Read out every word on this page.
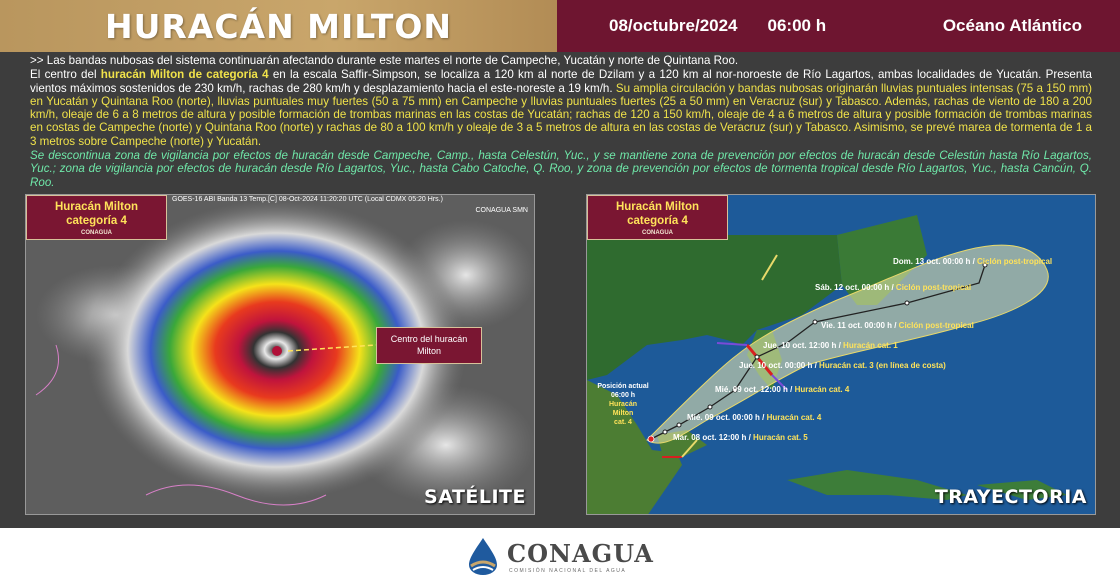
HURACÁN MILTON	08/octubre/2024 06:00 h	Océano Atlántico

>> Las bandas nubosas del sistema continuarán afectando durante este martes el norte de Campeche, Yucatán y norte de Quintana Roo.

El centro del huracán Milton de categoría 4 en la escala Saffir-Simpson, se localiza a 120 km al norte de Dzilam y a 120 km al nor-noroeste de Río Lagartos, ambas localidades de Yucatán. Presenta vientos máximos sostenidos de 230 km/h, rachas de 280 km/h y desplazamiento hacia el este-noreste a 19 km/h. Su amplia circulación y bandas nubosas originarán lluvias puntuales intensas (75 a 150 mm) en Yucatán y Quintana Roo (norte), lluvias puntuales muy fuertes (50 a 75 mm) en Campeche y lluvias puntuales fuertes (25 a 50 mm) en Veracruz (sur) y Tabasco. Además, rachas de viento de 180 a 200 km/h, oleaje de 6 a 8 metros de altura y posible formación de trombas marinas en las costas de Yucatán; rachas de 120 a 150 km/h, oleaje de 4 a 6 metros de altura y posible formación de trombas marinas en costas de Campeche (norte) y Quintana Roo (norte) y rachas de 80 a 100 km/h y oleaje de 3 a 5 metros de altura en las costas de Veracruz (sur) y Tabasco. Asimismo, se prevé marea de tormenta de 1 a 3 metros sobre Campeche (norte) y Yucatán.

Se descontinua zona de vigilancia por efectos de huracán desde Campeche, Camp., hasta Celestún, Yuc., y se mantiene zona de prevención por efectos de huracán desde Celestún hasta Río Lagartos, Yuc.; zona de vigilancia por efectos de huracán desde Río Lagartos, Yuc., hasta Cabo Catoche, Q. Roo, y zona de prevención por efectos de tormenta tropical desde Río Lagartos, Yuc., hasta Cancún, Q. Roo.

Huracán Milton
categoría 4
CONAGUA
GOES-16 ABI Banda 13 Temp.[C] 08-Oct-2024 11:20:20 UTC (Local CDMX 05:20 Hrs.)
CONAGUA SMN
Centro del huracán
Milton
SATÉLITE
Huracán Milton
categoría 4
CONAGUA
Posición actual
06:00 h
Huracán
Milton
cat. 4
Mar. 08 oct. 12:00 h / Huracán cat. 5
Mié. 09 oct. 00:00 h / Huracán cat. 4
Mié. 09 oct. 12:00 h / Huracán cat. 4
Jue. 10 oct. 00:00 h / Huracán cat. 3 (en línea de costa)
Jue. 10 oct. 12:00 h / Huracán cat. 1
Vie. 11 oct. 00:00 h / Ciclón post-tropical
Sáb. 12 oct. 00:00 h / Ciclón post-tropical
Dom. 13 oct. 00:00 h / Ciclón post-tropical
TRAYECTORIA
CONAGUA
COMISIÓN NACIONAL DEL AGUA
